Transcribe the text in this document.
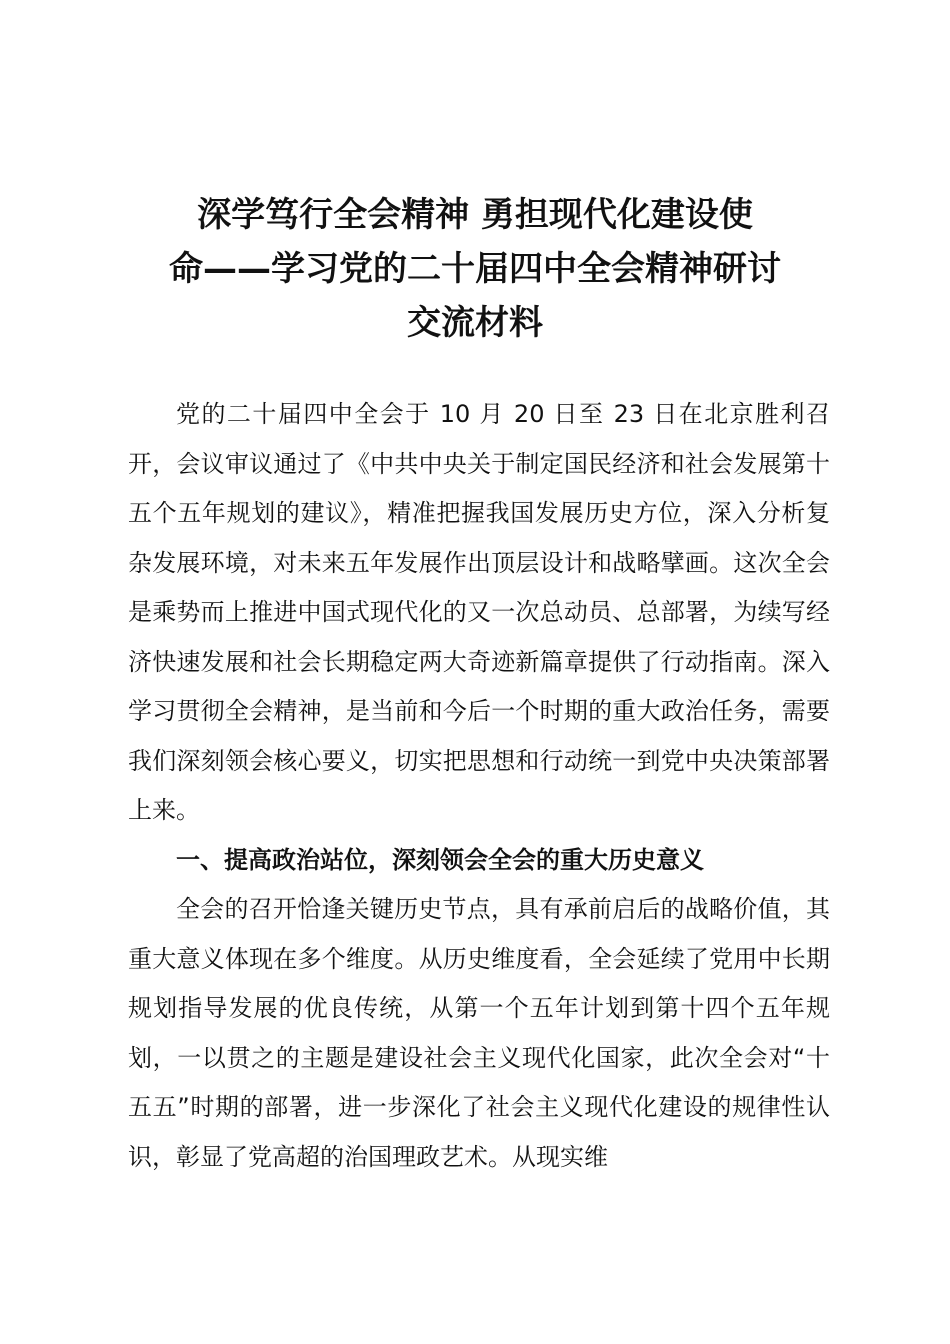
深学笃行全会精神 勇担现代化建设使
命——学习党的二十届四中全会精神研讨
交流材料

党的二十届四中全会于 10 月 20 日至 23 日在北京胜利召开，会议审议通过了《中共中央关于制定国民经济和社会发展第十五个五年规划的建议》，精准把握我国发展历史方位，深入分析复杂发展环境，对未来五年发展作出顶层设计和战略擘画。这次全会是乘势而上推进中国式现代化的又一次总动员、总部署，为续写经济快速发展和社会长期稳定两大奇迹新篇章提供了行动指南。深入学习贯彻全会精神，是当前和今后一个时期的重大政治任务，需要我们深刻领会核心要义，切实把思想和行动统一到党中央决策部署上来。

一、提高政治站位，深刻领会全会的重大历史意义

全会的召开恰逢关键历史节点，具有承前启后的战略价值，其重大意义体现在多个维度。从历史维度看，全会延续了党用中长期规划指导发展的优良传统，从第一个五年计划到第十四个五年规划，一以贯之的主题是建设社会主义现代化国家，此次全会对“十五五”时期的部署，进一步深化了社会主义现代化建设的规律性认识，彰显了党高超的治国理政艺术。从现实维
